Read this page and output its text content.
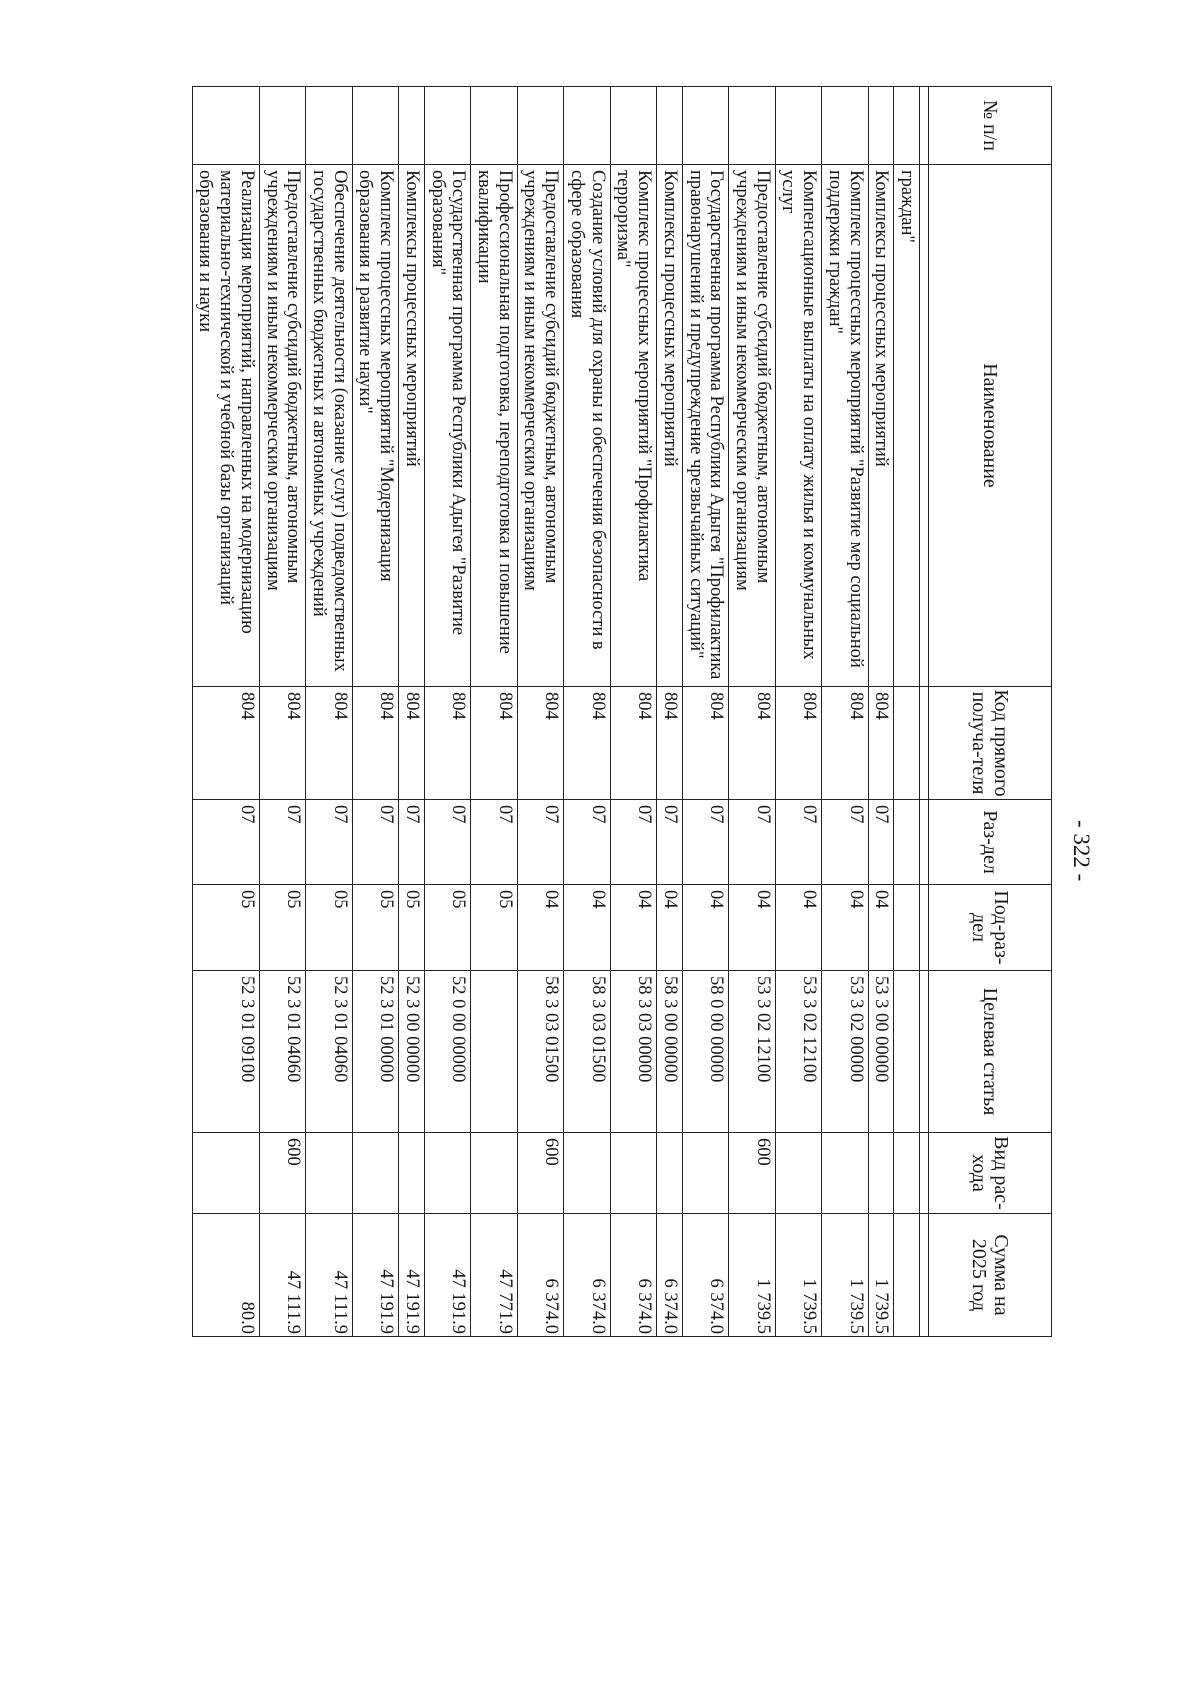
- 322 -
№ п/п	Наименование	Код прямого получа-теля	Раз-дел	Под-раз-дел	Целевая статья	Вид рас-хода	Сумма на 2025 год

	граждан"						
	Комплексы процессных мероприятий	804	07	04	53 3 00 00000		1 739.5
	Комплекс процессных мероприятий "Развитие мер социальной поддержки граждан"	804	07	04	53 3 02 00000		1 739.5
	Компенсационные выплаты на оплату жилья и коммунальных услуг	804	07	04	53 3 02 12100		1 739.5
	Предоставление субсидий бюджетным, автономным учреждениям и иным некоммерческим организациям	804	07	04	53 3 02 12100	600	1 739.5
	Государственная программа Республики Адыгея "Профилактика правонарушений и предупреждение чрезвычайных ситуаций"	804	07	04	58 0 00 00000		6 374.0
	Комплексы процессных мероприятий	804	07	04	58 3 00 00000		6 374.0
	Комплекс процессных мероприятий "Профилактика терроризма"	804	07	04	58 3 03 00000		6 374.0
	Создание условий для охраны и обеспечения безопасности в сфере образования	804	07	04	58 3 03 01500		6 374.0
	Предоставление субсидий бюджетным, автономным учреждениям и иным некоммерческим организациям	804	07	04	58 3 03 01500	600	6 374.0
	Профессиональная подготовка, переподготовка и повышение квалификации	804	07	05			47 771.9
	Государственная программа Республики Адыгея "Развитие образования"	804	07	05	52 0 00 00000		47 191.9
	Комплексы процессных мероприятий	804	07	05	52 3 00 00000		47 191.9
	Комплекс процессных мероприятий "Модернизация образования и развитие науки"	804	07	05	52 3 01 00000		47 191.9
	Обеспечение деятельности (оказание услуг) подведомственных государственных бюджетных и автономных учреждений	804	07	05	52 3 01 04060		47 111.9
	Предоставление субсидий бюджетным, автономным учреждениям и иным некоммерческим организациям	804	07	05	52 3 01 04060	600	47 111.9
	Реализация мероприятий, направленных на модернизацию материально-технической и учебной базы организаций образования и науки	804	07	05	52 3 01 09100		80.0
